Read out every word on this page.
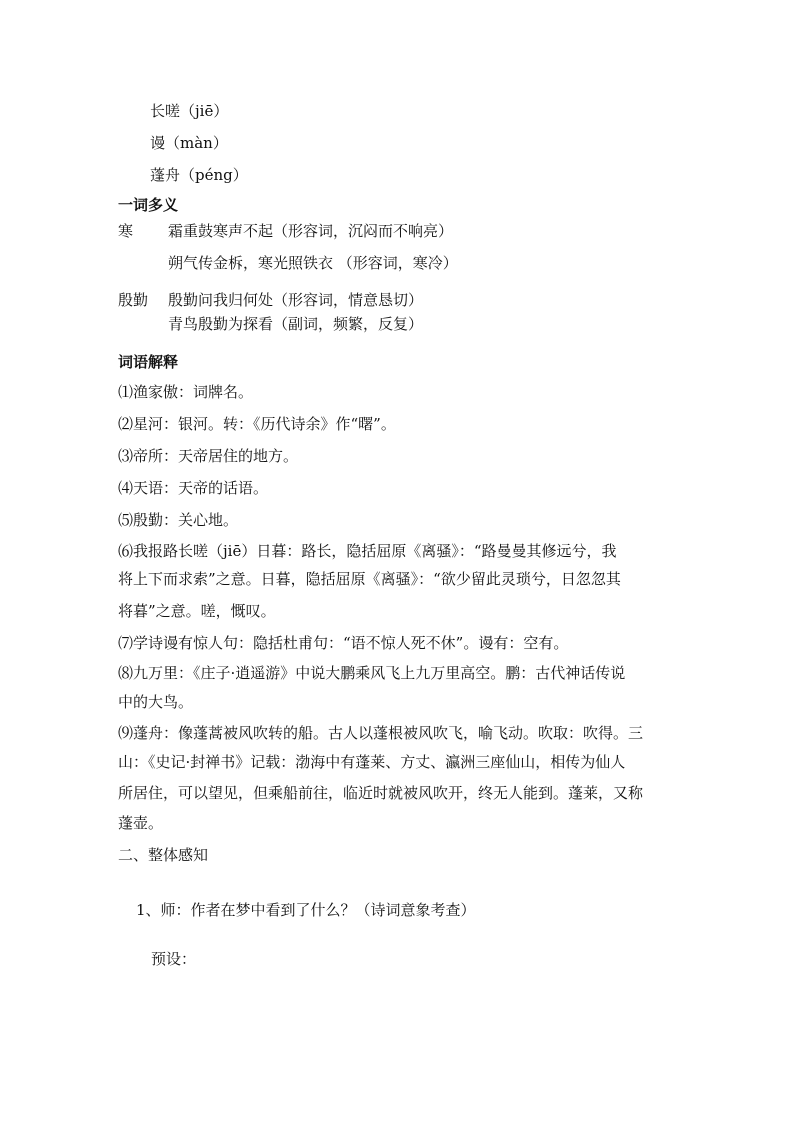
长嗟（jiē）
谩（màn）
蓬舟（péng）
一词多义
寒 霜重鼓寒声不起（形容词，沉闷而不响亮）
朔气传金柝，寒光照铁衣 （形容词，寒冷）
殷勤 殷勤问我归何处（形容词，情意恳切）
青鸟殷勤为探看（副词，频繁，反复）
词语解释
⑴渔家傲：词牌名。
⑵星河：银河。转：《历代诗余》作“曙”。
⑶帝所：天帝居住的地方。
⑷天语：天帝的话语。
⑸殷勤：关心地。
⑹我报路长嗟（jiē）日暮：路长，隐括屈原《离骚》：“路曼曼其修远兮，我
将上下而求索”之意。日暮，隐括屈原《离骚》：“欲少留此灵琐兮，日忽忽其
将暮”之意。嗟，慨叹。
⑺学诗谩有惊人句：隐括杜甫句：“语不惊人死不休”。谩有：空有。
⑻九万里：《庄子·逍遥游》中说大鹏乘风飞上九万里高空。鹏：古代神话传说
中的大鸟。
⑼蓬舟：像蓬蒿被风吹转的船。古人以蓬根被风吹飞，喻飞动。吹取：吹得。三
山：《史记·封禅书》记载：渤海中有蓬莱、方丈、瀛洲三座仙山，相传为仙人
所居住，可以望见，但乘船前往，临近时就被风吹开，终无人能到。蓬莱，又称
蓬壶。
二、整体感知
1、师：作者在梦中看到了什么？（诗词意象考查）
预设：
